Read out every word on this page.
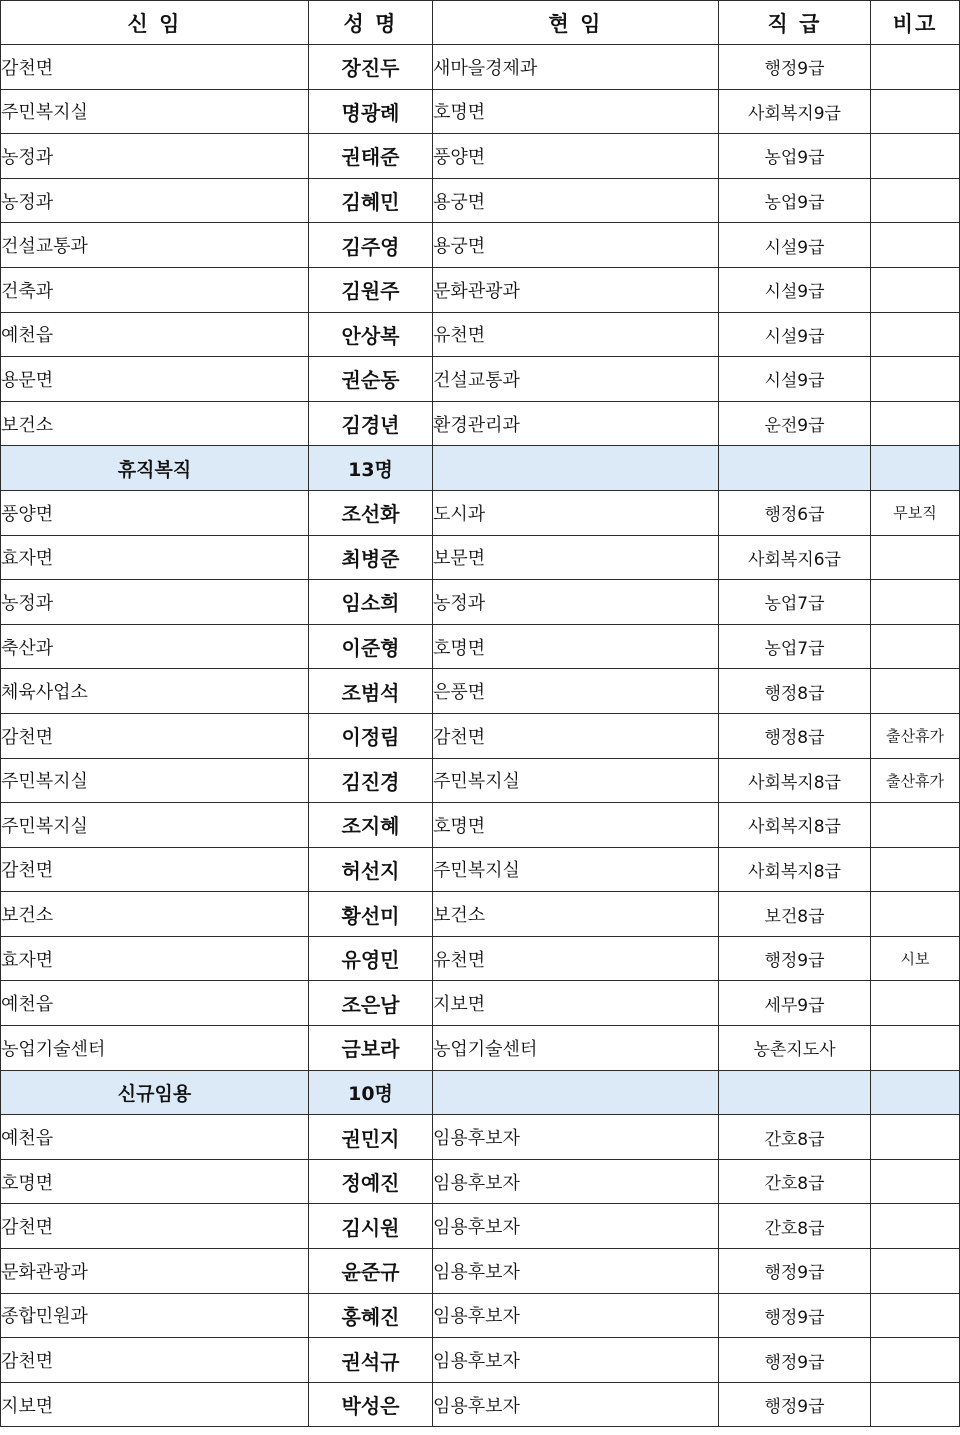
신 임	성 명	현 임	직 급	비고
감천면	장진두	새마을경제과	행정9급	
주민복지실	명광례	호명면	사회복지9급	
농정과	권태준	풍양면	농업9급	
농정과	김혜민	용궁면	농업9급	
건설교통과	김주영	용궁면	시설9급	
건축과	김원주	문화관광과	시설9급	
예천읍	안상복	유천면	시설9급	
용문면	권순동	건설교통과	시설9급	
보건소	김경년	환경관리과	운전9급	
휴직복직	13명			
풍양면	조선화	도시과	행정6급	무보직
효자면	최병준	보문면	사회복지6급	
농정과	임소희	농정과	농업7급	
축산과	이준형	호명면	농업7급	
체육사업소	조범석	은풍면	행정8급	
감천면	이정림	감천면	행정8급	출산휴가
주민복지실	김진경	주민복지실	사회복지8급	출산휴가
주민복지실	조지혜	호명면	사회복지8급	
감천면	허선지	주민복지실	사회복지8급	
보건소	황선미	보건소	보건8급	
효자면	유영민	유천면	행정9급	시보
예천읍	조은남	지보면	세무9급	
농업기술센터	금보라	농업기술센터	농촌지도사	
신규임용	10명			
예천읍	권민지	임용후보자	간호8급	
호명면	정예진	임용후보자	간호8급	
감천면	김시원	임용후보자	간호8급	
문화관광과	윤준규	임용후보자	행정9급	
종합민원과	홍혜진	임용후보자	행정9급	
감천면	권석규	임용후보자	행정9급	
지보면	박성은	임용후보자	행정9급	
